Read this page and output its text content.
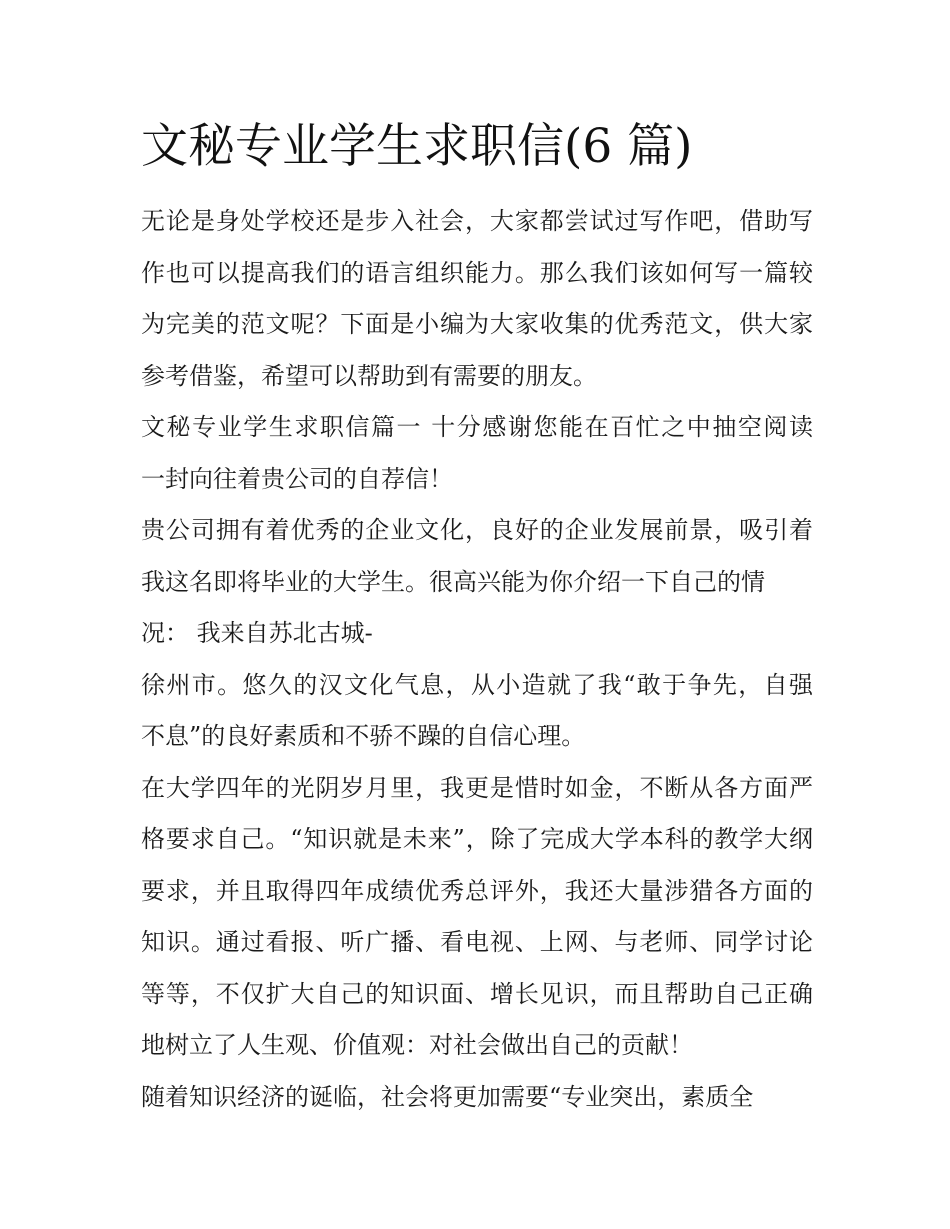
文秘专业学生求职信(6 篇)
无论是身处学校还是步入社会，大家都尝试过写作吧，借助写
作也可以提高我们的语言组织能力。那么我们该如何写一篇较
为完美的范文呢？下面是小编为大家收集的优秀范文，供大家
参考借鉴，希望可以帮助到有需要的朋友。
文秘专业学生求职信篇一 十分感谢您能在百忙之中抽空阅读
一封向往着贵公司的自荐信！
贵公司拥有着优秀的企业文化，良好的企业发展前景，吸引着
我这名即将毕业的大学生。很高兴能为你介绍一下自己的情
况： 我来自苏北古城-
徐州市。悠久的汉文化气息，从小造就了我“敢于争先，自强
不息”的良好素质和不骄不躁的自信心理。
在大学四年的光阴岁月里，我更是惜时如金，不断从各方面严
格要求自己。“知识就是未来”，除了完成大学本科的教学大纲
要求，并且取得四年成绩优秀总评外，我还大量涉猎各方面的
知识。通过看报、听广播、看电视、上网、与老师、同学讨论
等等，不仅扩大自己的知识面、增长见识，而且帮助自己正确
地树立了人生观、价值观：对社会做出自己的贡献！
随着知识经济的诞临，社会将更加需要“专业突出，素质全
